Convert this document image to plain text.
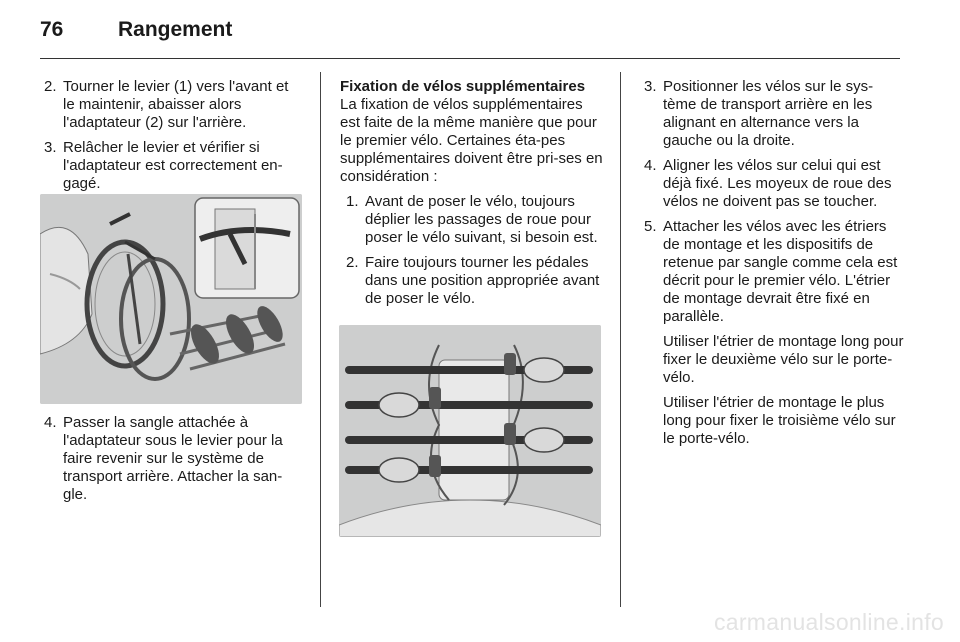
76	Rangement
2. Tourner le levier (1) vers l'avant et le maintenir, abaisser alors l'adaptateur (2) sur l'arrière.
3. Relâcher le levier et vérifier si l'adaptateur est correctement en-gagé.
4. Passer la sangle attachée à l'adaptateur sous le levier pour la faire revenir sur le système de transport arrière. Attacher la san-gle.

Fixation de vélos supplémentaires

La fixation de vélos supplémentaires est faite de la même manière que pour le premier vélo. Certaines éta-pes supplémentaires doivent être pri-ses en considération :

1. Avant de poser le vélo, toujours déplier les passages de roue pour poser le vélo suivant, si besoin est.
2. Faire toujours tourner les pédales dans une position appropriée avant de poser le vélo.
3. Positionner les vélos sur le sys-tème de transport arrière en les alignant en alternance vers la gauche ou la droite.
4. Aligner les vélos sur celui qui est déjà fixé. Les moyeux de roue des vélos ne doivent pas se toucher.
5. Attacher les vélos avec les étriers de montage et les dispositifs de retenue par sangle comme cela est décrit pour le premier vélo. L'étrier de montage devrait être fixé en parallèle.

Utiliser l'étrier de montage long pour fixer le deuxième vélo sur le porte-vélo.

Utiliser l'étrier de montage le plus long pour fixer le troisième vélo sur le porte-vélo.

carmanualsonline.info
